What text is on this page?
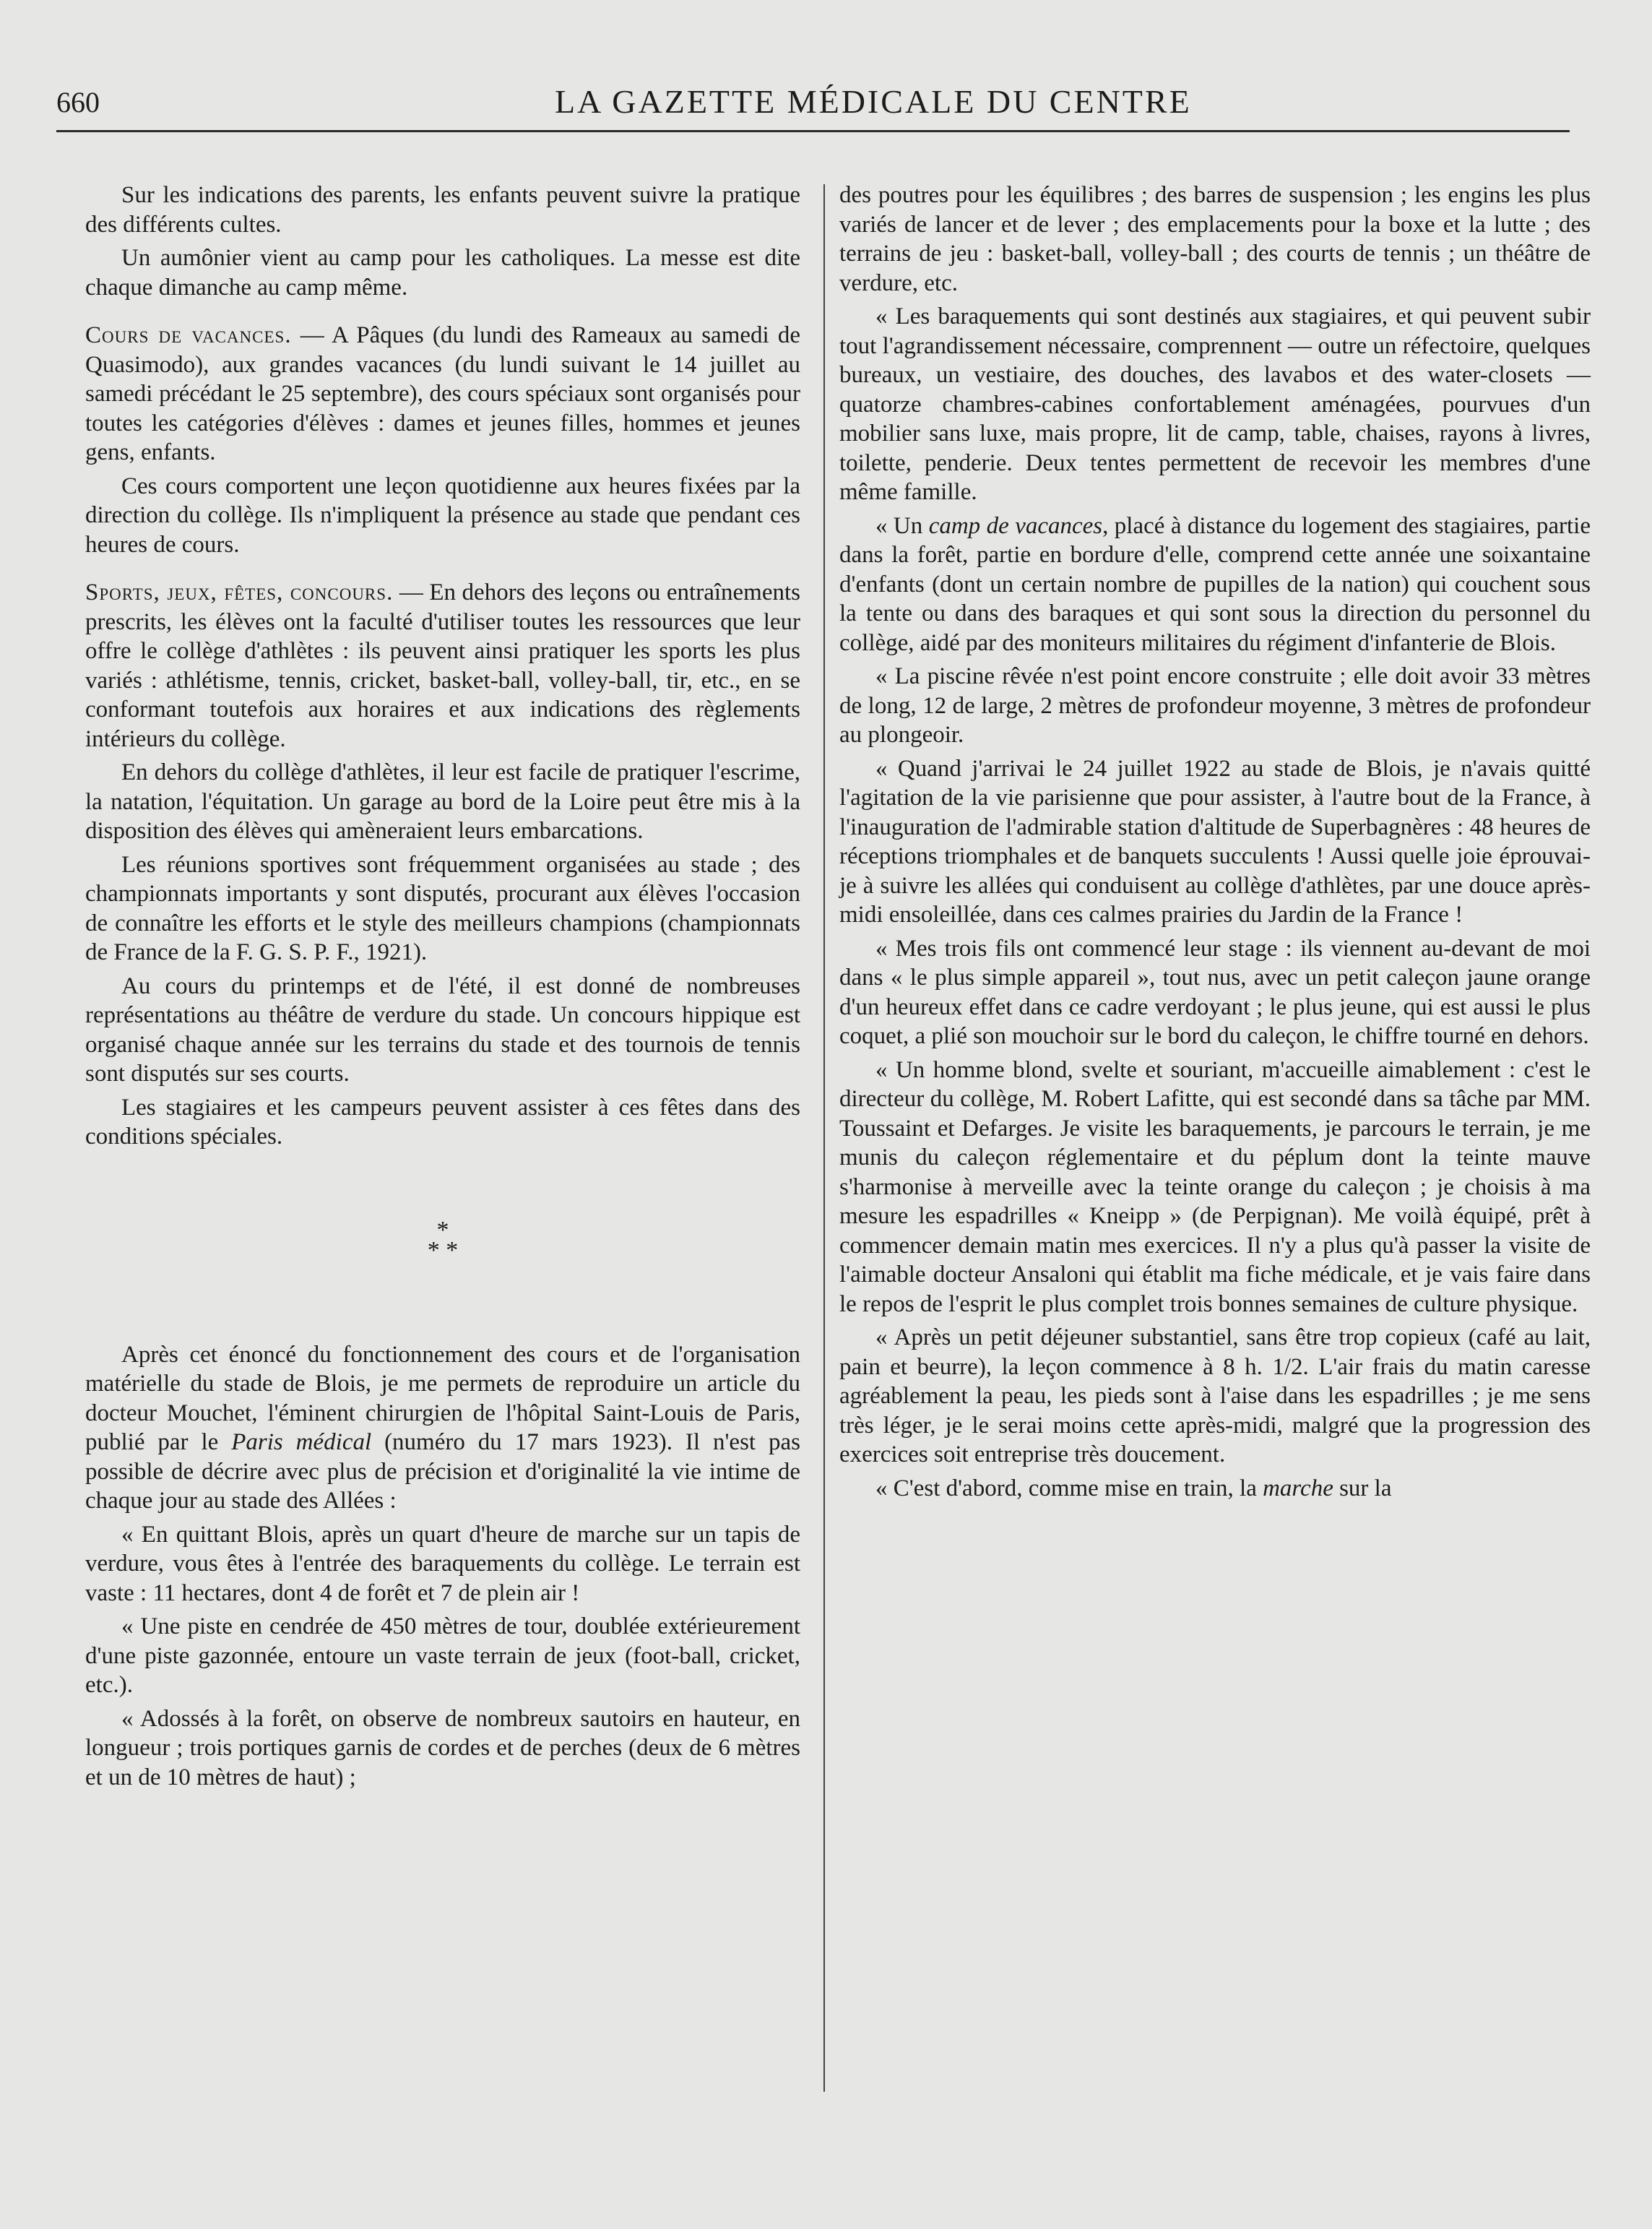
660	LA GAZETTE MÉDICALE DU CENTRE

Sur les indications des parents, les enfants peuvent suivre la pratique des différents cultes.

Un aumônier vient au camp pour les catholiques. La messe est dite chaque dimanche au camp même.

Cours de vacances. — A Pâques (du lundi des Rameaux au samedi de Quasimodo), aux grandes vacances (du lundi suivant le 14 juillet au samedi précédant le 25 septembre), des cours spéciaux sont organisés pour toutes les catégories d'élèves : dames et jeunes filles, hommes et jeunes gens, enfants.

Ces cours comportent une leçon quotidienne aux heures fixées par la direction du collège. Ils n'impliquent la présence au stade que pendant ces heures de cours.

Sports, jeux, fêtes, concours. — En dehors des leçons ou entraînements prescrits, les élèves ont la faculté d'utiliser toutes les ressources que leur offre le collège d'athlètes : ils peuvent ainsi pratiquer les sports les plus variés : athlétisme, tennis, cricket, basket-ball, volley-ball, tir, etc., en se conformant toutefois aux horaires et aux indications des règlements intérieurs du collège.

En dehors du collège d'athlètes, il leur est facile de pratiquer l'escrime, la natation, l'équitation. Un garage au bord de la Loire peut être mis à la disposition des élèves qui amèneraient leurs embarcations.

Les réunions sportives sont fréquemment organisées au stade ; des championnats importants y sont disputés, procurant aux élèves l'occasion de connaître les efforts et le style des meilleurs champions (championnats de France de la F. G. S. P. F., 1921).

Au cours du printemps et de l'été, il est donné de nombreuses représentations au théâtre de verdure du stade. Un concours hippique est organisé chaque année sur les terrains du stade et des tournois de tennis sont disputés sur ses courts.

Les stagiaires et les campeurs peuvent assister à ces fêtes dans des conditions spéciales.

*
* *

Après cet énoncé du fonctionnement des cours et de l'organisation matérielle du stade de Blois, je me permets de reproduire un article du docteur Mouchet, l'éminent chirurgien de l'hôpital Saint-Louis de Paris, publié par le Paris médical (numéro du 17 mars 1923). Il n'est pas possible de décrire avec plus de précision et d'originalité la vie intime de chaque jour au stade des Allées :

« En quittant Blois, après un quart d'heure de marche sur un tapis de verdure, vous êtes à l'entrée des baraquements du collège. Le terrain est vaste : 11 hectares, dont 4 de forêt et 7 de plein air !

« Une piste en cendrée de 450 mètres de tour, doublée extérieurement d'une piste gazonnée, entoure un vaste terrain de jeux (foot-ball, cricket, etc.).

« Adossés à la forêt, on observe de nombreux sautoirs en hauteur, en longueur ; trois portiques garnis de cordes et de perches (deux de 6 mètres et un de 10 mètres de haut) ;

des poutres pour les équilibres ; des barres de suspension ; les engins les plus variés de lancer et de lever ; des emplacements pour la boxe et la lutte ; des terrains de jeu : basket-ball, volley-ball ; des courts de tennis ; un théâtre de verdure, etc.

« Les baraquements qui sont destinés aux stagiaires, et qui peuvent subir tout l'agrandissement nécessaire, comprennent — outre un réfectoire, quelques bureaux, un vestiaire, des douches, des lavabos et des water-closets — quatorze chambres-cabines confortablement aménagées, pourvues d'un mobilier sans luxe, mais propre, lit de camp, table, chaises, rayons à livres, toilette, penderie. Deux tentes permettent de recevoir les membres d'une même famille.

« Un camp de vacances, placé à distance du logement des stagiaires, partie dans la forêt, partie en bordure d'elle, comprend cette année une soixantaine d'enfants (dont un certain nombre de pupilles de la nation) qui couchent sous la tente ou dans des baraques et qui sont sous la direction du personnel du collège, aidé par des moniteurs militaires du régiment d'infanterie de Blois.

« La piscine rêvée n'est point encore construite ; elle doit avoir 33 mètres de long, 12 de large, 2 mètres de profondeur moyenne, 3 mètres de profondeur au plongeoir.

« Quand j'arrivai le 24 juillet 1922 au stade de Blois, je n'avais quitté l'agitation de la vie parisienne que pour assister, à l'autre bout de la France, à l'inauguration de l'admirable station d'altitude de Superbagnères : 48 heures de réceptions triomphales et de banquets succulents ! Aussi quelle joie éprouvai-je à suivre les allées qui conduisent au collège d'athlètes, par une douce après-midi ensoleillée, dans ces calmes prairies du Jardin de la France !

« Mes trois fils ont commencé leur stage : ils viennent au-devant de moi dans « le plus simple appareil », tout nus, avec un petit caleçon jaune orange d'un heureux effet dans ce cadre verdoyant ; le plus jeune, qui est aussi le plus coquet, a plié son mouchoir sur le bord du caleçon, le chiffre tourné en dehors.

« Un homme blond, svelte et souriant, m'accueille aimablement : c'est le directeur du collège, M. Robert Lafitte, qui est secondé dans sa tâche par MM. Toussaint et Defarges. Je visite les baraquements, je parcours le terrain, je me munis du caleçon réglementaire et du péplum dont la teinte mauve s'harmonise à merveille avec la teinte orange du caleçon ; je choisis à ma mesure les espadrilles « Kneipp » (de Perpignan). Me voilà équipé, prêt à commencer demain matin mes exercices. Il n'y a plus qu'à passer la visite de l'aimable docteur Ansaloni qui établit ma fiche médicale, et je vais faire dans le repos de l'esprit le plus complet trois bonnes semaines de culture physique.

« Après un petit déjeuner substantiel, sans être trop copieux (café au lait, pain et beurre), la leçon commence à 8 h. 1/2. L'air frais du matin caresse agréablement la peau, les pieds sont à l'aise dans les espadrilles ; je me sens très léger, je le serai moins cette après-midi, malgré que la progression des exercices soit entreprise très doucement.

« C'est d'abord, comme mise en train, la marche sur la
